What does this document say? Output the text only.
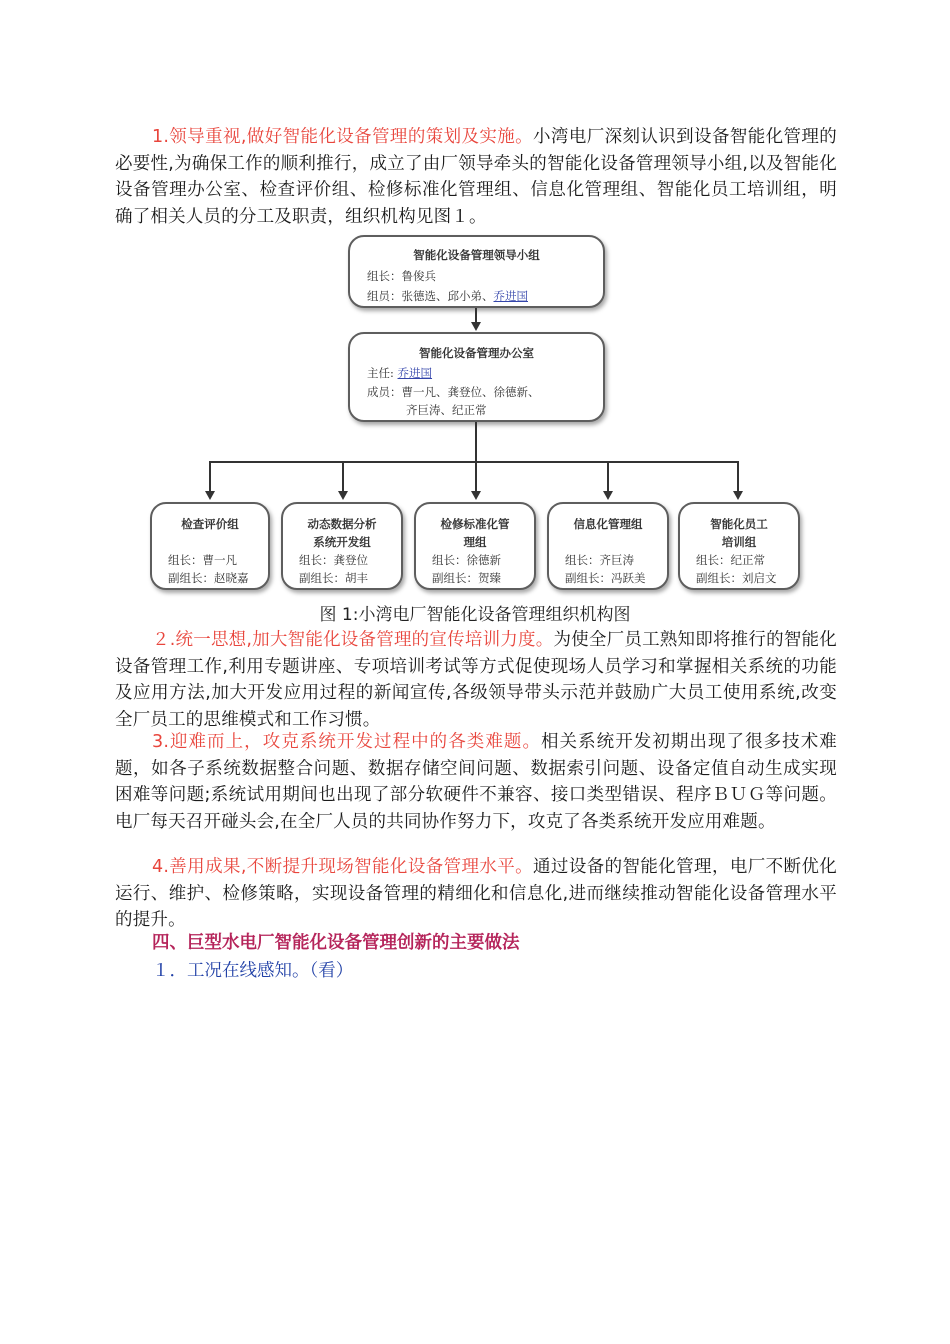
1.领导重视,做好智能化设备管理的策划及实施。小湾电厂深刻认识到设备智能化管理的必要性,为确保工作的顺利推行，成立了由厂领导牵头的智能化设备管理领导小组,以及智能化设备管理办公室、检查评价组、检修标准化管理组、信息化管理组、智能化员工培训组，明确了相关人员的分工及职责，组织机构见图１。

智能化设备管理领导小组
组长：鲁俊兵
组员：张德选、邱小弟、乔进国
智能化设备管理办公室
主任: 乔进国
成员：曹一凡、龚登位、徐德新、
齐巨涛、纪正常
检查评价组
组长：曹一凡
副组长：赵晓嘉
动态数据分析
系统开发组
组长：龚登位
副组长：胡丰
检修标准化管
理组
组长：徐德新
副组长：贺臻
信息化管理组
组长：齐巨涛
副组长：冯跃美
智能化员工
培训组
组长：纪正常
副组长：刘启文

图 1:小湾电厂智能化设备管理组织机构图

２.统一思想,加大智能化设备管理的宣传培训力度。为使全厂员工熟知即将推行的智能化设备管理工作,利用专题讲座、专项培训考试等方式促使现场人员学习和掌握相关系统的功能及应用方法,加大开发应用过程的新闻宣传,各级领导带头示范并鼓励广大员工使用系统,改变全厂员工的思维模式和工作习惯。

3.迎难而上，攻克系统开发过程中的各类难题。相关系统开发初期出现了很多技术难题，如各子系统数据整合问题、数据存储空间问题、数据索引问题、设备定值自动生成实现困难等问题;系统试用期间也出现了部分软硬件不兼容、接口类型错误、程序ＢＵＧ等问题。电厂每天召开碰头会,在全厂人员的共同协作努力下，攻克了各类系统开发应用难题。

4.善用成果,不断提升现场智能化设备管理水平。通过设备的智能化管理，电厂不断优化运行、维护、检修策略，实现设备管理的精细化和信息化,进而继续推动智能化设备管理水平的提升。

四、巨型水电厂智能化设备管理创新的主要做法

１．工况在线感知。（看）
